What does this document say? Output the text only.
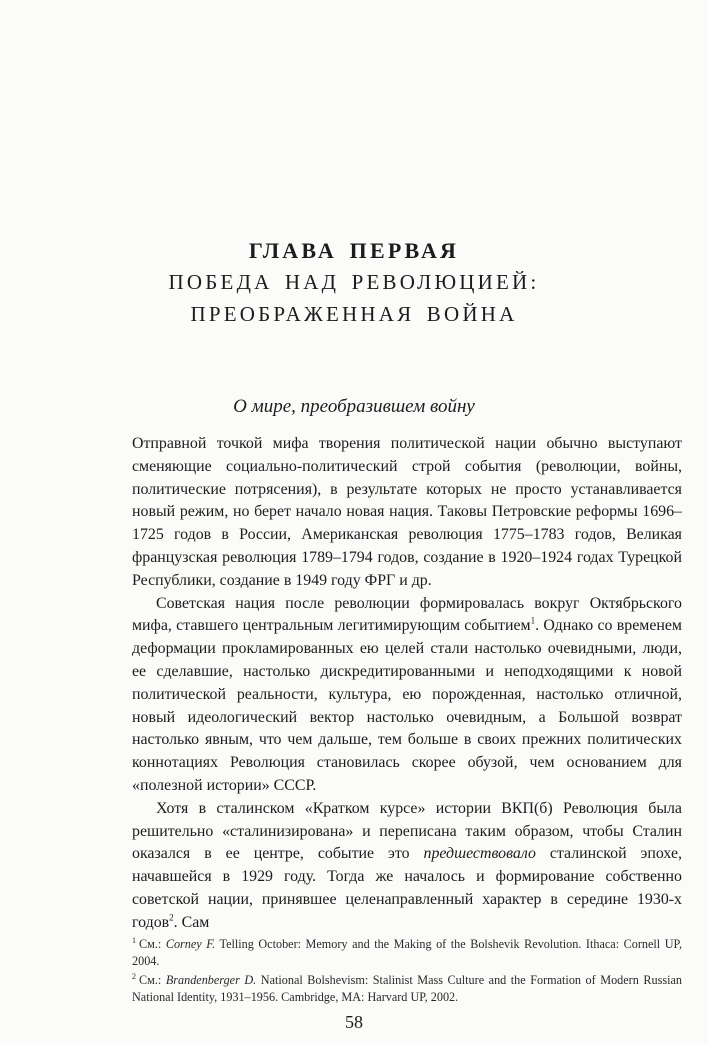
ГЛАВА ПЕРВАЯ
ПОБЕДА НАД РЕВОЛЮЦИЕЙ:
ПРЕОБРАЖЕННАЯ ВОЙНА
О мире, преобразившем войну

Отправной точкой мифа творения политической нации обычно выступают сменяющие социально-политический строй события (революции, войны, политические потрясения), в результате которых не просто устанавливается новый режим, но берет начало новая нация. Таковы Петровские реформы 1696–1725 годов в России, Американская революция 1775–1783 годов, Великая французская революция 1789–1794 годов, создание в 1920–1924 годах Турецкой Республики, создание в 1949 году ФРГ и др.

Советская нация после революции формировалась вокруг Октябрьского мифа, ставшего центральным легитимирующим событием$^1$. Однако со временем деформации прокламированных ею целей стали настолько очевидными, люди, ее сделавшие, настолько дискредитированными и неподходящими к новой политической реальности, культура, ею порожденная, настолько отличной, новый идеологический вектор настолько очевидным, а Большой возврат настолько явным, что чем дальше, тем больше в своих прежних политических коннотациях Революция становилась скорее обузой, чем основанием для «полезной истории» СССР.

Хотя в сталинском «Кратком курсе» истории ВКП(б) Революция была решительно «сталинизирована» и переписана таким образом, чтобы Сталин оказался в ее центре, событие это предшествовало сталинской эпохе, начавшейся в 1929 году. Тогда же началось и формирование собственно советской нации, принявшее целенаправленный характер в середине 1930-х годов$^2$. Сам

$^1$ См.: Corney F. Telling October: Memory and the Making of the Bolshevik Revolution. Ithaca: Cornell UP, 2004.

$^2$ См.: Brandenberger D. National Bolshevism: Stalinist Mass Culture and the Formation of Modern Russian National Identity, 1931–1956. Cambridge, MA: Harvard UP, 2002.

58
